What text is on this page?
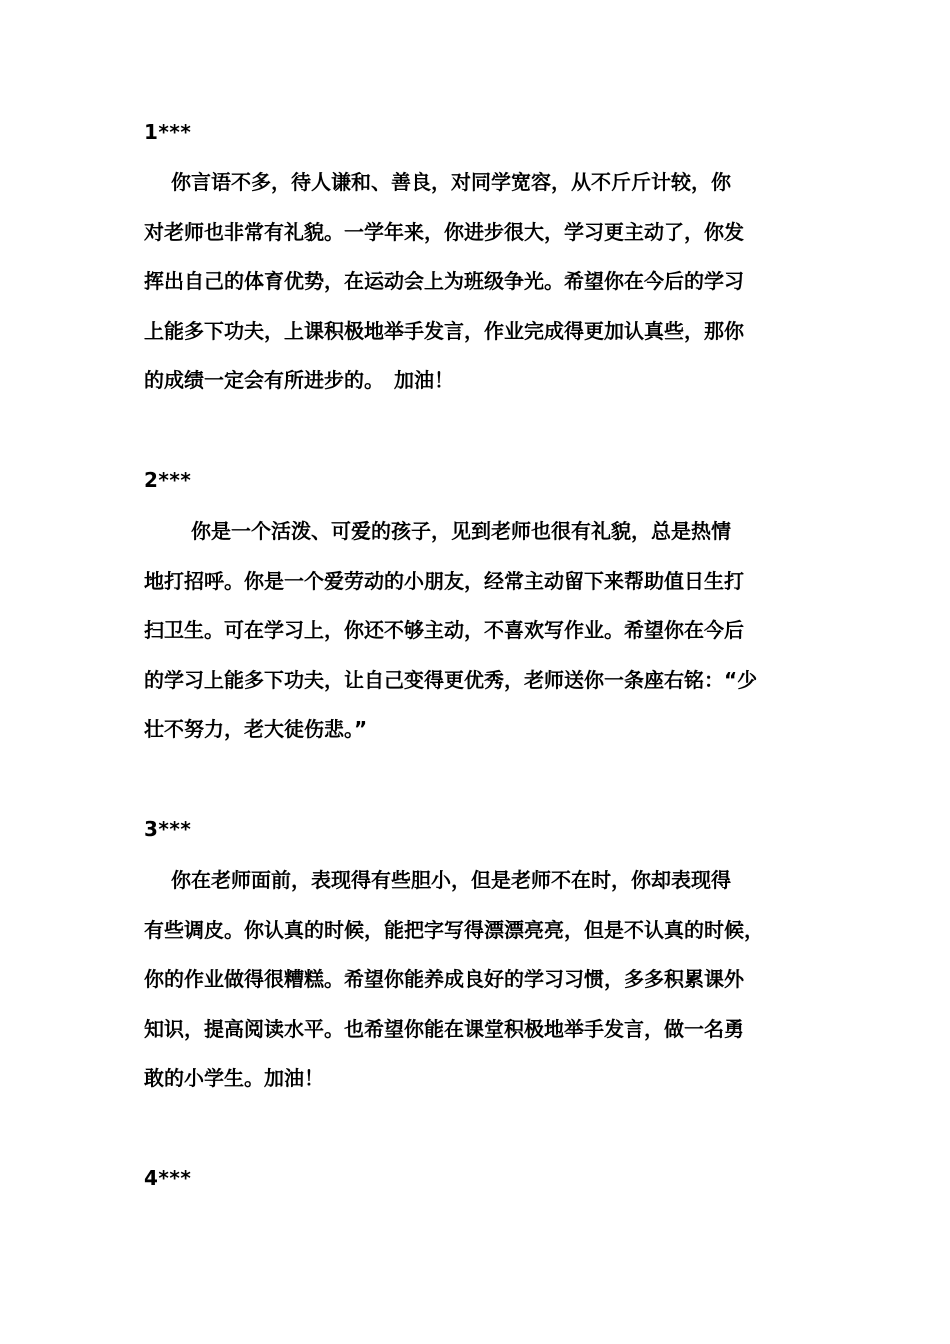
1***
　 你言语不多，待人谦和、善良，对同学宽容，从不斤斤计较，你
对老师也非常有礼貌。一学年来，你进步很大，学习更主动了，你发
挥出自己的体育优势，在运动会上为班级争光。希望你在今后的学习
上能多下功夫，上课积极地举手发言，作业完成得更加认真些，那你
的成绩一定会有所进步的。　加油！
2***
　　 你是一个活泼、可爱的孩子，见到老师也很有礼貌，总是热情
地打招呼。你是一个爱劳动的小朋友，经常主动留下来帮助值日生打
扫卫生。可在学习上，你还不够主动，不喜欢写作业。希望你在今后
的学习上能多下功夫，让自己变得更优秀，老师送你一条座右铭：“少
壮不努力，老大徒伤悲。”
3***
　 你在老师面前，表现得有些胆小，但是老师不在时，你却表现得
有些调皮。你认真的时候，能把字写得漂漂亮亮，但是不认真的时候，
你的作业做得很糟糕。希望你能养成良好的学习习惯，多多积累课外
知识，提高阅读水平。也希望你能在课堂积极地举手发言，做一名勇
敢的小学生。加油！
4***
